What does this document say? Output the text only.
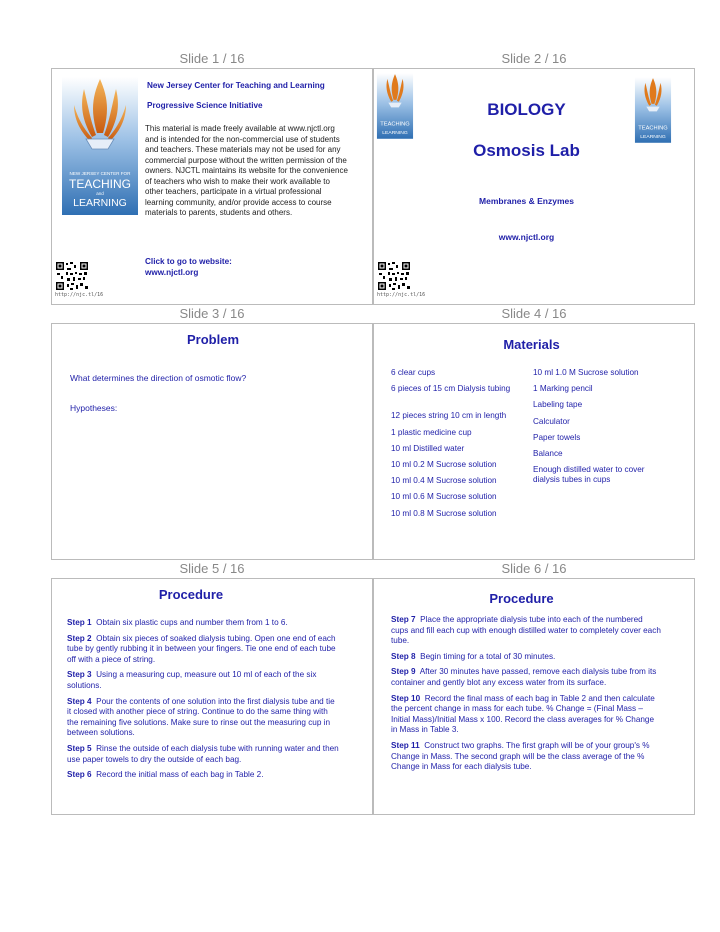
Slide 1 / 16	Slide 2 / 16
Slide 3 / 16	Slide 4 / 16
Slide 5 / 16	Slide 6 / 16
NEW JERSEY CENTER FOR
TEACHING
and
LEARNING
New Jersey Center for Teaching and Learning
Progressive Science Initiative
This material is made freely available at www.njctl.org and is intended for the non-commercial use of students and teachers. These materials may not be used for any commercial purpose without the written permission of the owners. NJCTL maintains its website for the convenience of teachers who wish to make their work available to other teachers, participate in a virtual professional learning community, and/or provide access to course materials to parents, students and others.
Click to go to website:
www.njctl.org
http://njc.tl/16
TEACHING
LEARNING
TEACHING
LEARNING
BIOLOGY
Osmosis Lab
Membranes & Enzymes
www.njctl.org
http://njc.tl/16
Problem
What determines the direction of osmotic flow?
Hypotheses:
Materials
6 clear cups
6 pieces of 15 cm Dialysis tubing
12 pieces string 10 cm in length
1 plastic medicine cup
10 ml Distilled water
10 ml 0.2 M Sucrose solution
10 ml 0.4 M Sucrose solution
10 ml 0.6 M Sucrose solution
10 ml 0.8 M Sucrose solution
10 ml 1.0 M Sucrose solution
1 Marking pencil
Labeling tape
Calculator
Paper towels
Balance
Enough distilled water to cover dialysis tubes in cups
Procedure
Step 1 Obtain six plastic cups and number them from 1 to 6.
Step 2 Obtain six pieces of soaked dialysis tubing. Open one end of each tube by gently rubbing it in between your fingers. Tie one end of each tube off with a piece of string.
Step 3 Using a measuring cup, measure out 10 ml of each of the six solutions.
Step 4 Pour the contents of one solution into the first dialysis tube and tie it closed with another piece of string. Continue to do the same thing with the remaining five solutions. Make sure to rinse out the measuring cup in between solutions.
Step 5 Rinse the outside of each dialysis tube with running water and then use paper towels to dry the outside of each bag.
Step 6 Record the initial mass of each bag in Table 2.
Procedure
Step 7 Place the appropriate dialysis tube into each of the numbered cups and fill each cup with enough distilled water to completely cover each tube.
Step 8 Begin timing for a total of 30 minutes.
Step 9 After 30 minutes have passed, remove each dialysis tube from its container and gently blot any excess water from its surface.
Step 10 Record the final mass of each bag in Table 2 and then calculate the percent change in mass for each tube. % Change = (Final Mass – Initial Mass)/Initial Mass x 100. Record the class averages for % Change in Mass in Table 3.
Step 11 Construct two graphs. The first graph will be of your group's % Change in Mass. The second graph will be the class average of the % Change in Mass for each dialysis tube.
